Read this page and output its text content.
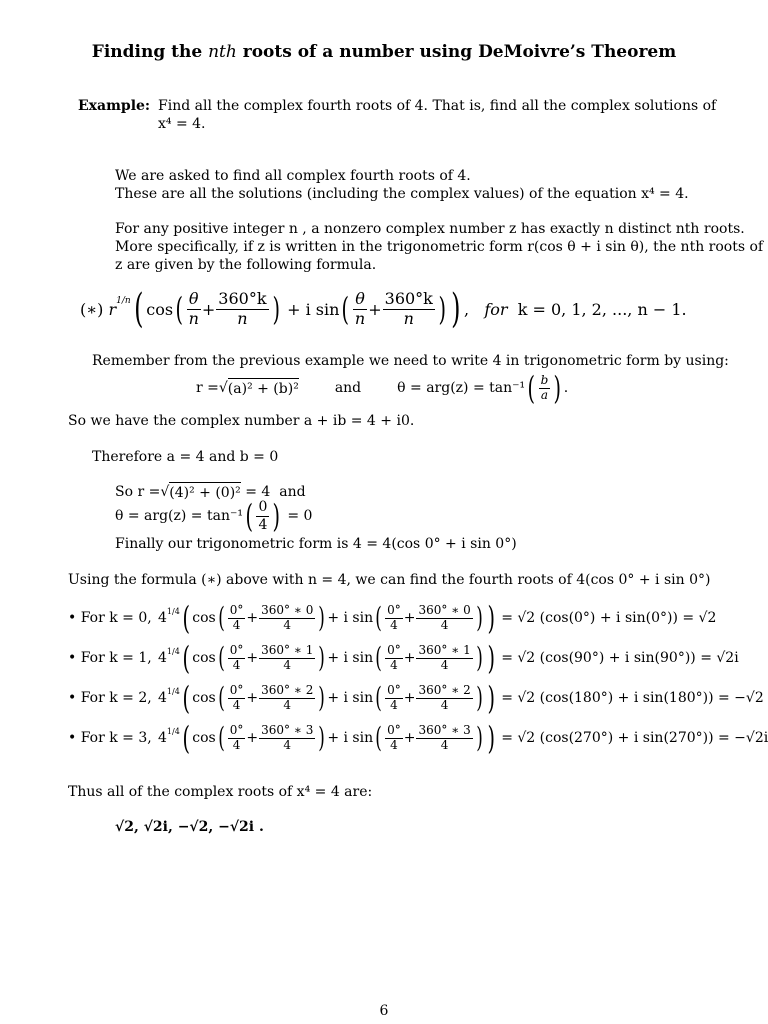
Finding the nth roots of a number using DeMoivre’s Theorem
Example: Find all the complex fourth roots of 4. That is, find all the complex solutions of
x⁴ = 4.
We are asked to find all complex fourth roots of 4.
These are all the solutions (including the complex values) of the equation x⁴ = 4.
For any positive integer n , a nonzero complex number z has exactly n distinct nth roots.
More specifically, if z is written in the trigonometric form r(cos θ + i sin θ), the nth roots of
z are given by the following formula.
(∗)
r 1/n ( cos ( $\frac{\theta}{n} + \frac{360^\circ k}{n}$ )
+ i sin ( $\frac{\theta}{n} + \frac{360^\circ k}{n}$ ) ) ,
for
k = 0, 1, 2, ..., n − 1.
Remember from the previous example we need to write 4 in trigonometric form by using:
r = √ (a)² + (b)²	and	θ = arg(z) = tan⁻¹ ( $\frac{b}{a}$ ) .
So we have the complex number a + ib = 4 + i0.
Therefore a = 4 and b = 0
So r = √ (4)² + (0)² = 4  and
θ = arg(z) = tan⁻¹ ( $\frac{0}{4}$ )
= 0
Finally our trigonometric form is 4 = 4(cos 0° + i sin 0°)
Using the formula (∗) above with n = 4, we can find the fourth roots of 4(cos 0° + i sin 0°)
• For k = 0, 4 1/4 ( cos ( $\frac{0^\circ}{4} + \frac{360^\circ ∗ 0}{4}$ ) + i sin ( $\frac{0^\circ}{4} + \frac{360^\circ ∗ 0}{4}$ ) ) = √2 (cos(0°) + i sin(0°)) = √2
• For k = 1, 4 1/4 ( cos ( $\frac{0^\circ}{4} + \frac{360^\circ ∗ 1}{4}$ ) + i sin ( $\frac{0^\circ}{4} + \frac{360^\circ ∗ 1}{4}$ ) ) = √2 (cos(90°) + i sin(90°)) = √2i
• For k = 2, 4 1/4 ( cos ( $\frac{0^\circ}{4} + \frac{360^\circ ∗ 2}{4}$ ) + i sin ( $\frac{0^\circ}{4} + \frac{360^\circ ∗ 2}{4}$ ) ) = √2 (cos(180°) + i sin(180°)) = −√2
• For k = 3, 4 1/4 ( cos ( $\frac{0^\circ}{4} + \frac{360^\circ ∗ 3}{4}$ ) + i sin ( $\frac{0^\circ}{4} + \frac{360^\circ ∗ 3}{4}$ ) ) = √2 (cos(270°) + i sin(270°)) = −√2i
Thus all of the complex roots of x⁴ = 4 are:
√2, √2i, −√2, −√2i .
6
